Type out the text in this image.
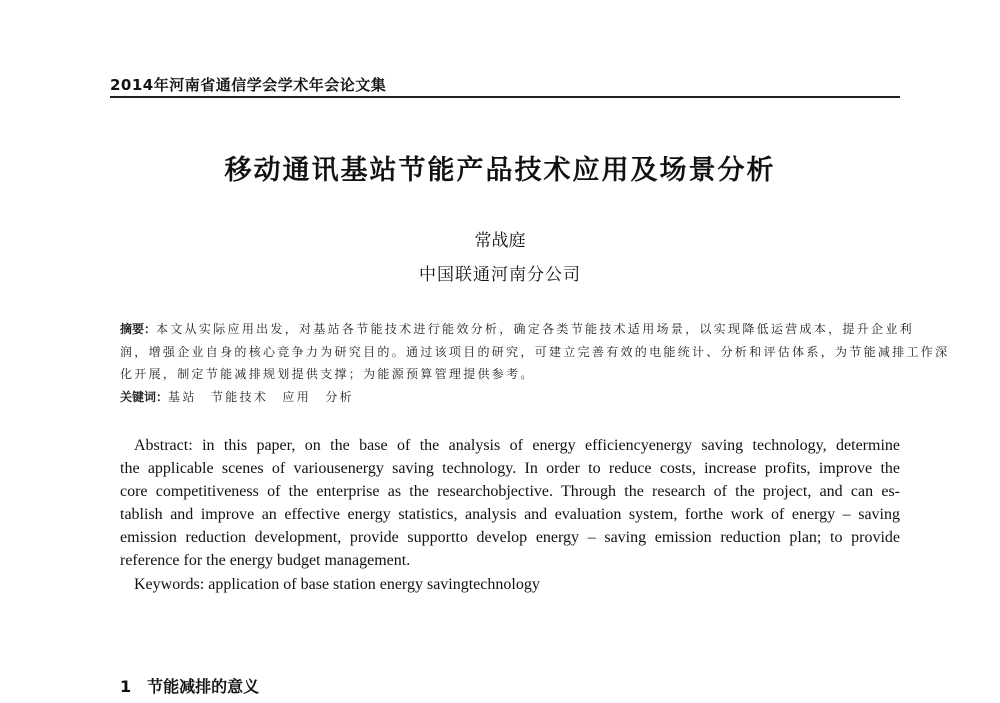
2014年河南省通信学会学术年会论文集
移动通讯基站节能产品技术应用及场景分析
常战庭
中国联通河南分公司
摘要：本文从实际应用出发，对基站各节能技术进行能效分析，确定各类节能技术适用场景，以实现降低运营成本，提升企业利
润，增强企业自身的核心竞争力为研究目的。通过该项目的研究，可建立完善有效的电能统计、分析和评估体系，为节能减排工作深
化开展，制定节能减排规划提供支撑；为能源预算管理提供参考。
关键词：基站　节能技术　应用　分析
Abstract: in this paper, on the base of the analysis of energy efficiencyenergy saving technology, determine
the applicable scenes of variousenergy saving technology. In order to reduce costs, increase profits, improve the
core competitiveness of the enterprise as the researchobjective. Through the research of the project, and can es-
tablish and improve an effective energy statistics, analysis and evaluation system, forthe work of energy – saving
emission reduction development, provide supportto develop energy – saving emission reduction plan; to provide
reference for the energy budget management.
Keywords: application of base station energy savingtechnology
1　节能减排的意义
